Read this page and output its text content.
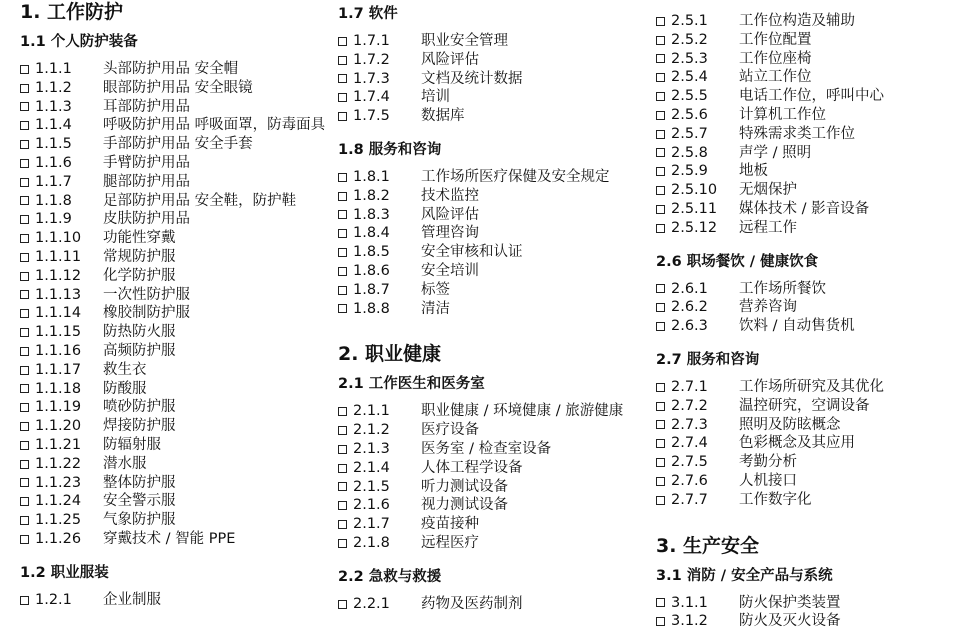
1. 工作防护
1.1 个人防护装备
1.1.1	头部防护用品 安全帽
1.1.2	眼部防护用品 安全眼镜
1.1.3	耳部防护用品
1.1.4	呼吸防护用品 呼吸面罩，防毒面具
1.1.5	手部防护用品 安全手套
1.1.6	手臂防护用品
1.1.7	腿部防护用品
1.1.8	足部防护用品 安全鞋，防护鞋
1.1.9	皮肤防护用品
1.1.10	功能性穿戴
1.1.11	常规防护服
1.1.12	化学防护服
1.1.13	一次性防护服
1.1.14	橡胶制防护服
1.1.15	防热防火服
1.1.16	高频防护服
1.1.17	救生衣
1.1.18	防酸服
1.1.19	喷砂防护服
1.1.20	焊接防护服
1.1.21	防辐射服
1.1.22	潜水服
1.1.23	整体防护服
1.1.24	安全警示服
1.1.25	气象防护服
1.1.26	穿戴技术 / 智能 PPE
1.2 职业服装
1.2.1	企业制服
1.7 软件
1.7.1	职业安全管理
1.7.2	风险评估
1.7.3	文档及统计数据
1.7.4	培训
1.7.5	数据库
1.8 服务和咨询
1.8.1	工作场所医疗保健及安全规定
1.8.2	技术监控
1.8.3	风险评估
1.8.4	管理咨询
1.8.5	安全审核和认证
1.8.6	安全培训
1.8.7	标签
1.8.8	清洁
2. 职业健康
2.1 工作医生和医务室
2.1.1	职业健康 / 环境健康 / 旅游健康
2.1.2	医疗设备
2.1.3	医务室 / 检查室设备
2.1.4	人体工程学设备
2.1.5	听力测试设备
2.1.6	视力测试设备
2.1.7	疫苗接种
2.1.8	远程医疗
2.2 急救与救援
2.2.1	药物及医药制剂
2.5.1	工作位构造及辅助
2.5.2	工作位配置
2.5.3	工作位座椅
2.5.4	站立工作位
2.5.5	电话工作位，呼叫中心
2.5.6	计算机工作位
2.5.7	特殊需求类工作位
2.5.8	声学 / 照明
2.5.9	地板
2.5.10	无烟保护
2.5.11	媒体技术 / 影音设备
2.5.12	远程工作
2.6 职场餐饮 / 健康饮食
2.6.1	工作场所餐饮
2.6.2	营养咨询
2.6.3	饮料 / 自动售货机
2.7 服务和咨询
2.7.1	工作场所研究及其优化
2.7.2	温控研究，空调设备
2.7.3	照明及防眩概念
2.7.4	色彩概念及其应用
2.7.5	考勤分析
2.7.6	人机接口
2.7.7	工作数字化
3. 生产安全
3.1 消防 / 安全产品与系统
3.1.1	防火保护类装置
3.1.2	防火及灭火设备
